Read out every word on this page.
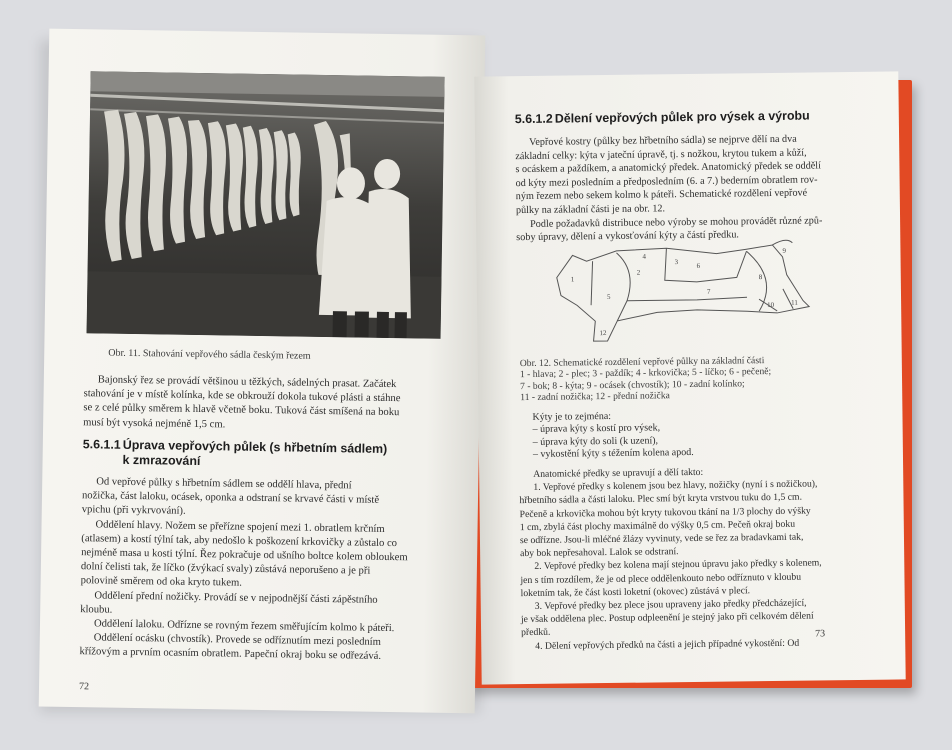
Obr. 11. Stahování vepřového sádla českým řezem

Bajonský řez se provádí většinou u těžkých, sádelných prasat. Začátek

stahování je v místě kolínka, kde se obkrouží dokola tukové plásti a stáhne

se z celé půlky směrem k hlavě včetně boku. Tuková část smíšená na boku

musí být vysoká nejméně 1,5 cm.

5.6.1.1 Úprava vepřových půlek (s hřbetním sádlem)
k zmrazování

Od vepřové půlky s hřbetním sádlem se oddělí hlava, přední

nožička, část laloku, ocásek, oponka a odstraní se krvavé části v místě

vpichu (při vykrvování).

Oddělení hlavy. Nožem se přeřízne spojení mezi 1. obratlem krčním

(atlasem) a kostí týlní tak, aby nedošlo k poškození krkovičky a zůstalo co

nejméně masa u kosti týlní. Řez pokračuje od ušního boltce kolem obloukem

dolní čelisti tak, že líčko (žvýkací svaly) zůstává neporušeno a je při

polovině směrem od oka kryto tukem.

Oddělení přední nožičky. Provádí se v nejpodnější části zápěstního

kloubu.

Oddělení laloku. Odřízne se rovným řezem směřujícím kolmo k páteři.

Oddělení ocásku (chvostík). Provede se odříznutím mezi posledním

křížovým a prvním ocasním obratlem. Papeční okraj boku se odřezává.

72
5.6.1.2 Dělení vepřových půlek pro výsek a výrobu

Vepřové kostry (půlky bez hřbetního sádla) se nejprve dělí na dva

základní celky: kýta v jateční úpravě, tj. s nožkou, krytou tukem a kůží,

s ocáskem a paždíkem, a anatomický předek. Anatomický předek se oddělí

od kýty mezi posledním a předposledním (6. a 7.) bederním obratlem rov-

ným řezem nebo sekem kolmo k páteři. Schematické rozdělení vepřové

půlky na základní části je na obr. 12.

Podle požadavků distribuce nebo výroby se mohou provádět různé způ-

soby úpravy, dělení a vykosťování kýty a částí předku.

1
2
3
4
5
6
7
8
9
10 11
12
Obr. 12. Schematické rozdělení vepřové půlky na základní části
1 - hlava; 2 - plec; 3 - paždík; 4 - krkovička; 5 - líčko; 6 - pečeně;
7 - bok; 8 - kýta; 9 - ocásek (chvostík); 10 - zadní kolínko;
11 - zadní nožička; 12 - přední nožička

Kýty je to zejména:

– úprava kýty s kostí pro výsek,

– úprava kýty do soli (k uzení),

– vykostění kýty s téžením kolena apod.

Anatomické předky se upravují a dělí takto:

1. Vepřové předky s kolenem jsou bez hlavy, nožičky (nyní i s nožičkou),

hřbetního sádla a části laloku. Plec smí být kryta vrstvou tuku do 1,5 cm.

Pečeně a krkovička mohou být kryty tukovou tkání na 1/3 plochy do výšky

1 cm, zbylá část plochy maximálně do výšky 0,5 cm. Pečeň okraj boku

se odřízne. Jsou-li mléčné žlázy vyvinuty, vede se řez za bradavkami tak,

aby bok nepřesahoval. Lalok se odstraní.

2. Vepřové předky bez kolena mají stejnou úpravu jako předky s kolenem,

jen s tím rozdílem, že je od plece oddělenkouto nebo odříznuto v kloubu

loketním tak, že část kosti loketní (okovec) zůstává v plecí.

3. Vepřové předky bez plece jsou upraveny jako předky předcházející,

je však oddělena plec. Postup odpleenění je stejný jako při celkovém dělení

předků.

4. Dělení vepřových předků na části a jejich případné vykostění: Od

73
